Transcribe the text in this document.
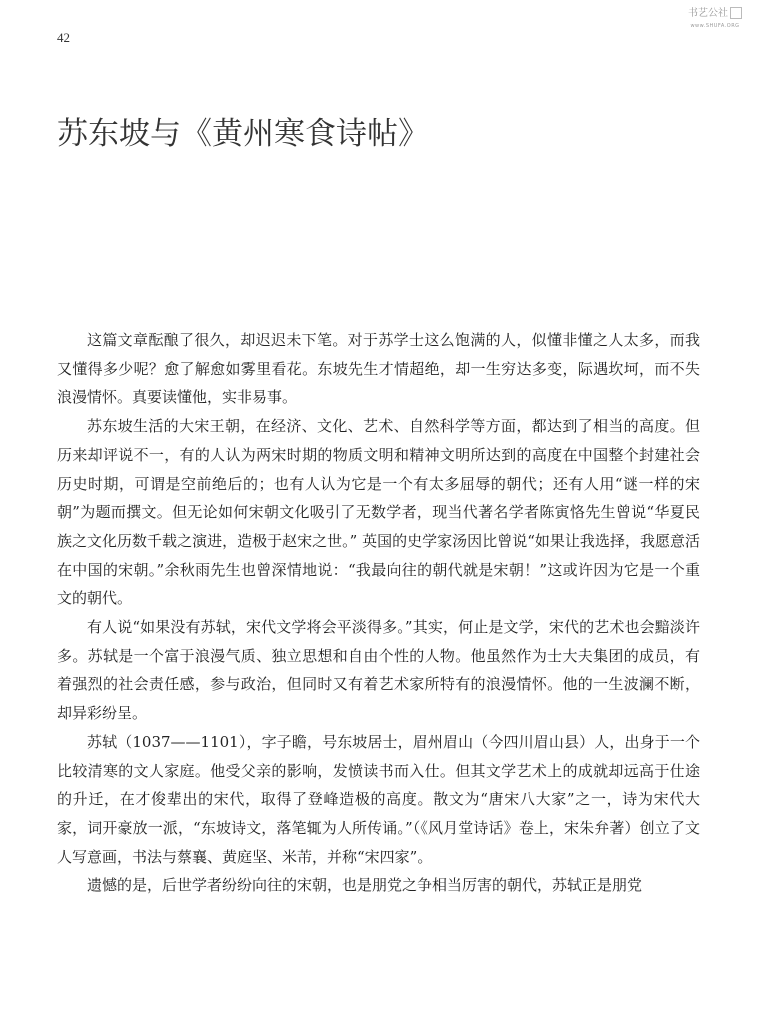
42
书艺公社
www.SHUFA.ORG
苏东坡与《黄州寒食诗帖》

这篇文章酝酿了很久，却迟迟未下笔。对于苏学士这么饱满的人，似懂非懂之人太多，而我又懂得多少呢？愈了解愈如雾里看花。东坡先生才情超绝，却一生穷达多变，际遇坎坷，而不失浪漫情怀。真要读懂他，实非易事。

苏东坡生活的大宋王朝，在经济、文化、艺术、自然科学等方面，都达到了相当的高度。但历来却评说不一，有的人认为两宋时期的物质文明和精神文明所达到的高度在中国整个封建社会历史时期，可谓是空前绝后的；也有人认为它是一个有太多屈辱的朝代；还有人用“谜一样的宋朝”为题而撰文。但无论如何宋朝文化吸引了无数学者，现当代著名学者陈寅恪先生曾说“华夏民族之文化历数千载之演进，造极于赵宋之世。” 英国的史学家汤因比曾说“如果让我选择，我愿意活在中国的宋朝。”余秋雨先生也曾深情地说：“我最向往的朝代就是宋朝！”这或许因为它是一个重文的朝代。

有人说“如果没有苏轼，宋代文学将会平淡得多。”其实，何止是文学，宋代的艺术也会黯淡许多。苏轼是一个富于浪漫气质、独立思想和自由个性的人物。他虽然作为士大夫集团的成员，有着强烈的社会责任感，参与政治，但同时又有着艺术家所特有的浪漫情怀。他的一生波澜不断，却异彩纷呈。

苏轼（1037——1101），字子瞻，号东坡居士，眉州眉山（今四川眉山县）人，出身于一个比较清寒的文人家庭。他受父亲的影响，发愤读书而入仕。但其文学艺术上的成就却远高于仕途的升迁，在才俊辈出的宋代，取得了登峰造极的高度。散文为“唐宋八大家”之一，诗为宋代大家，词开豪放一派，“东坡诗文，落笔辄为人所传诵。”（《风月堂诗话》卷上，宋朱弁著）创立了文人写意画，书法与蔡襄、黄庭坚、米芾，并称“宋四家”。

遗憾的是，后世学者纷纷向往的宋朝，也是朋党之争相当厉害的朝代，苏轼正是朋党
